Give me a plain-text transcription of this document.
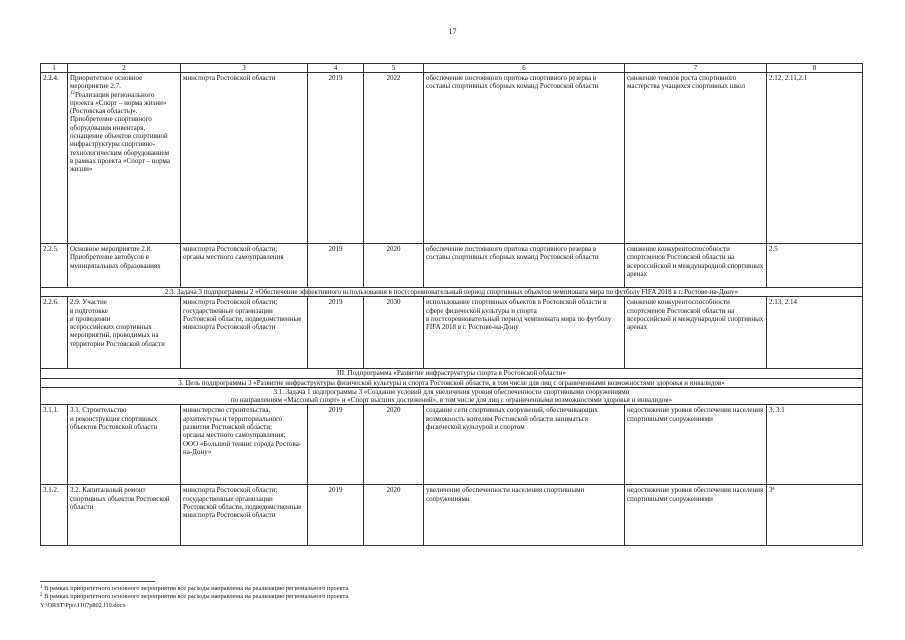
17
1	2	3	4	5	6	7	8
2.2.4.	Приоритетное основное мероприятие 2.7.
$^{12}$Реализация регионального проекта «Спорт – норма жизни» (Ростовская область)». Приобретение спортивного оборудования инвентаря, оснащение объектов спортивной инфраструктуры спортивно-технологическим оборудованием
в рамках проекта «Спорт – норма жизни»	минспорта Ростовской области	2019	2022	обеспечение постоянного притока спортивного резерва в составы спортивных сборных команд Ростовской области	снижение темпов роста спортивного мастерства учащихся спортивных школ	2.12, 2.11,2.1
2.2.5.	Основное мероприятие 2.8. Приобретение автобусов в муниципальных образованиях	минспорта Ростовской области;
органы местного самоуправления	2019	2020	обеспечение постоянного притока спортивного резерва в составы спортивных сборных команд Ростовской области	снижение конкурентоспособности спортсменов Ростовской области на всероссийской и международной спортивных аренах	2.5
2.3. Задача 3 подпрограммы 2 «Обеспечение эффективного использования в постсоревновательный период спортивных объектов чемпионата мира по футболу FIFA 2018 в г. Ростове-на-Дону»							
2.2.6.	2.9. Участие
в подготовке
и проведении
всероссийских спортивных мероприятий, проводимых на территории Ростовской области	минспорта Ростовской области;
государственные организации Ростовской области, подведомственные минспорта Ростовской области	2019	2030	использование спортивных объектов в Ростовской области в сфере физической культуры и спорта
в постсоревновательный период чемпионата мира по футболу FIFA 2018 в г. Ростове-на-Дону	снижение конкурентоспособности спортсменов Ростовской области на всероссийской и международной спортивных аренах	2.13, 2.14
III. Подпрограмма «Развитие инфраструктуры спорта в Ростовской области»							
3. Цель подпрограммы 3 «Развитие инфраструктуры физической культуры и спорта Ростовской области, в том числе для лиц с ограниченными возможностями здоровья и инвалидов»							
3.1. Задача 1 подпрограммы 3 «Создание условий для увеличения уровня обеспеченности спортивными сооружениями
по направлениям «Массовый спорт» и «Спорт высших достижений», в том числе для лиц с ограниченными возможностями здоровья и инвалидов»							
3.1.1.	3.1. Строительство
и реконструкция спортивных объектов Ростовской области	министерство строительства, архитектуры и территориального развития Ростовской области;
органы местного самоуправления;
ООО «Большой теннис города Ростова-на-Дону»	2019	2020	создание сети спортивных сооружений, обеспечивающих возможность жителям Ростовской области заниматься физической культурой и спортом	недостижение уровня обеспечения населения спортивными сооружениями	3, 3.1
3.1.2.	3.2. Капитальный ремонт спортивных объектов Ростовской области	минспорта Ростовской области;
государственные организации Ростовской области, подведомственные минспорта Ростовской области	2019	2020	увеличение обеспеченности населения спортивными сооружениями	недостижение уровня обеспечения населения спортивными сооружениями	3ª
$^1$ В рамках приоритетного основного мероприятия все расходы направлены на реализацию регионального проекта.
$^2$ В рамках приоритетного основного мероприятия все расходы направлены на реализацию регионального проекта.
Y:\ORST\Ppo\1107p802.f19.docx
